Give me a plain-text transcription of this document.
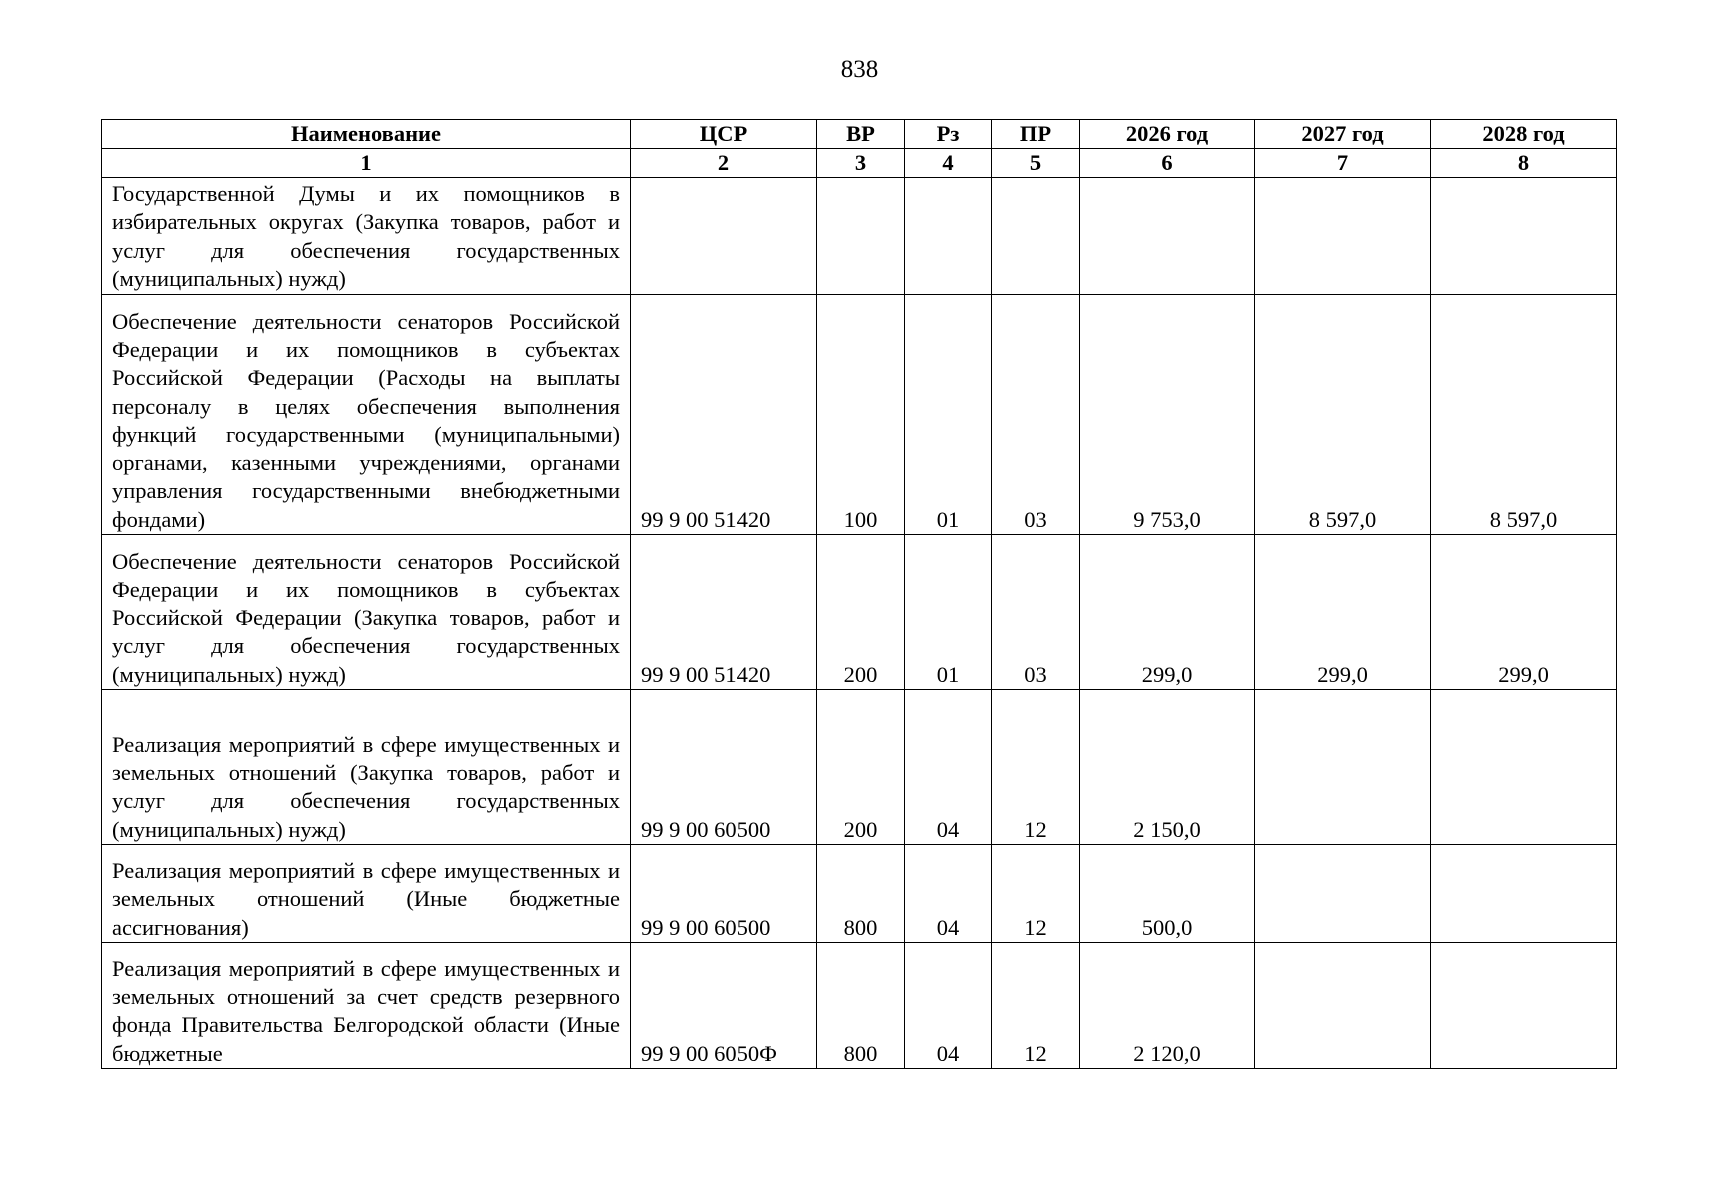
838
Наименование	ЦСР	ВР	Рз	ПР	2026 год	2027 год	2028 год
1	2	3	4	5	6	7	8
Государственной Думы и их помощников в избирательных округах (Закупка товаров, работ и услуг для обеспечения государственных (муниципальных) нужд)							
Обеспечение деятельности сенаторов Российской Федерации и их помощников в субъектах Российской Федерации (Расходы на выплаты персоналу в целях обеспечения выполнения функций государственными (муниципальными) органами, казенными учреждениями, органами управления государственными внебюджетными фондами)	99 9 00 51420	100	01	03	9 753,0	8 597,0	8 597,0
Обеспечение деятельности сенаторов Российской Федерации и их помощников в субъектах Российской Федерации (Закупка товаров, работ и услуг для обеспечения государственных (муниципальных) нужд)	99 9 00 51420	200	01	03	299,0	299,0	299,0
Реализация мероприятий в сфере имущественных и земельных отношений (Закупка товаров, работ и услуг для обеспечения государственных (муниципальных) нужд)	99 9 00 60500	200	04	12	2 150,0		
Реализация мероприятий в сфере имущественных и земельных отношений (Иные бюджетные ассигнования)	99 9 00 60500	800	04	12	500,0		
Реализация мероприятий в сфере имущественных и земельных отношений за счет средств резервного фонда Правительства Белгородской области (Иные бюджетные	99 9 00 6050Ф	800	04	12	2 120,0		
